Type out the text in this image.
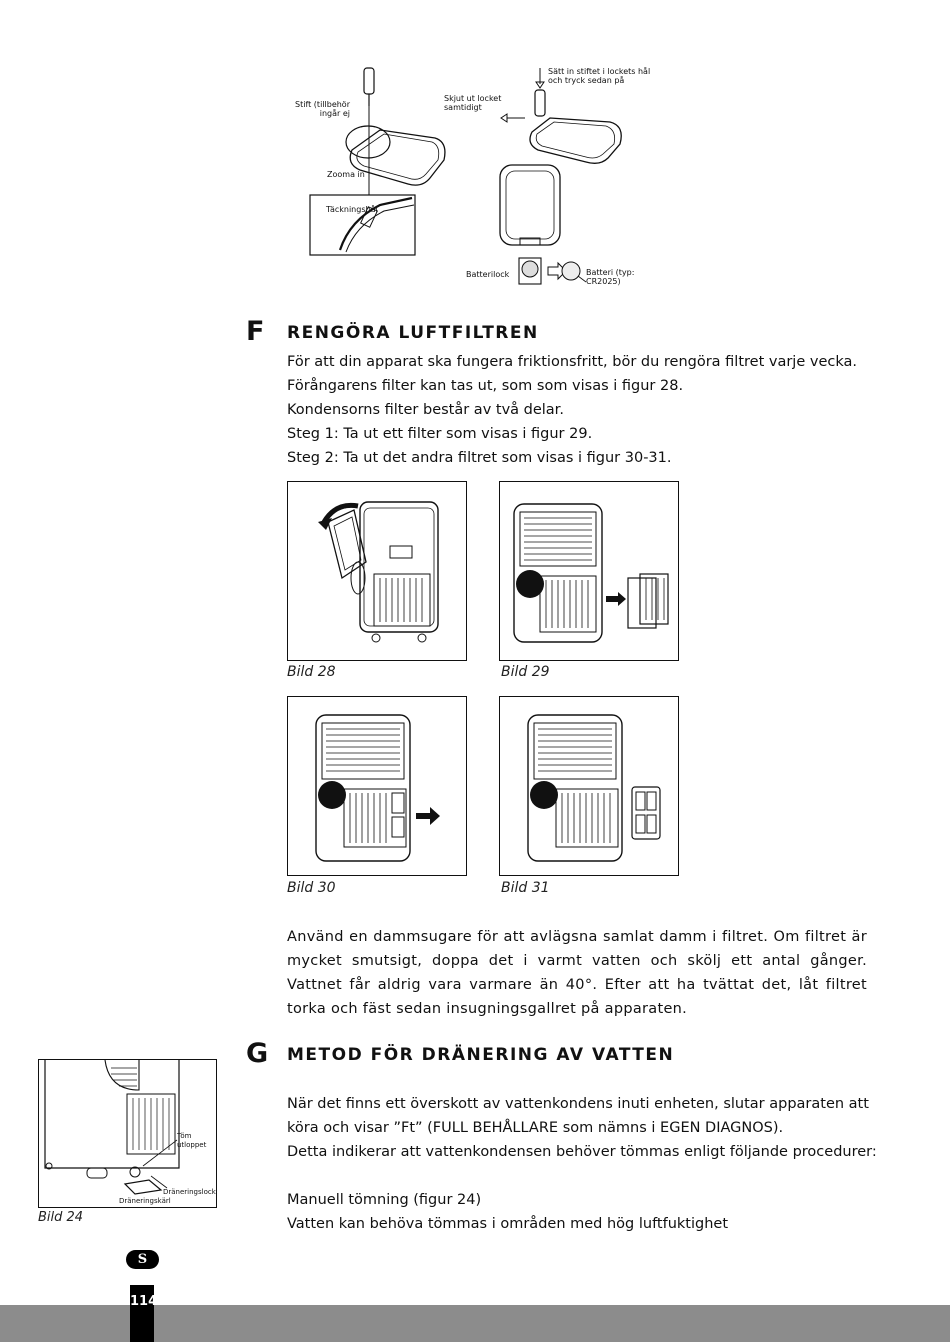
Stift (tillbehör ingår ej
Skjut ut locket samtidigt
Sätt in stiftet i lockets hål och tryck sedan på
Zooma in
Täckningshål
Batterilock	Batteri (typ: CR2025)
F RENGÖRA LUFTFILTREN
För att din apparat ska fungera friktionsfritt, bör du rengöra filtret varje vecka.
Förångarens filter kan tas ut, som som visas i figur 28.
Kondensorns filter består av två delar.
Steg 1: Ta ut ett filter som visas i figur 29.
Steg 2: Ta ut det andra filtret som visas i figur 30-31.
Bild 28	Bild 29
Bild 30	Bild 31
Använd en dammsugare för att avlägsna samlat damm i filtret. Om filtret är mycket smutsigt, doppa det i varmt vatten och skölj ett antal gånger. Vattnet får aldrig vara varmare än 40°. Efter att ha tvättat det, låt filtret torka och fäst sedan insugningsgallret på apparaten.
G METOD FÖR DRÄNERING AV VATTEN
När det finns ett överskott av vattenkondens inuti enheten, slutar apparaten att
köra och visar ”Ft” (FULL BEHÅLLARE som nämns i EGEN DIAGNOS).
Detta indikerar att vattenkondensen behöver tömmas enligt följande procedurer:
Manuell tömning (figur 24)
Vatten kan behöva tömmas i områden med hög luftfuktighet
Töm utloppet
Dräneringslock
Dräneringskärl
Bild 24
S
114
